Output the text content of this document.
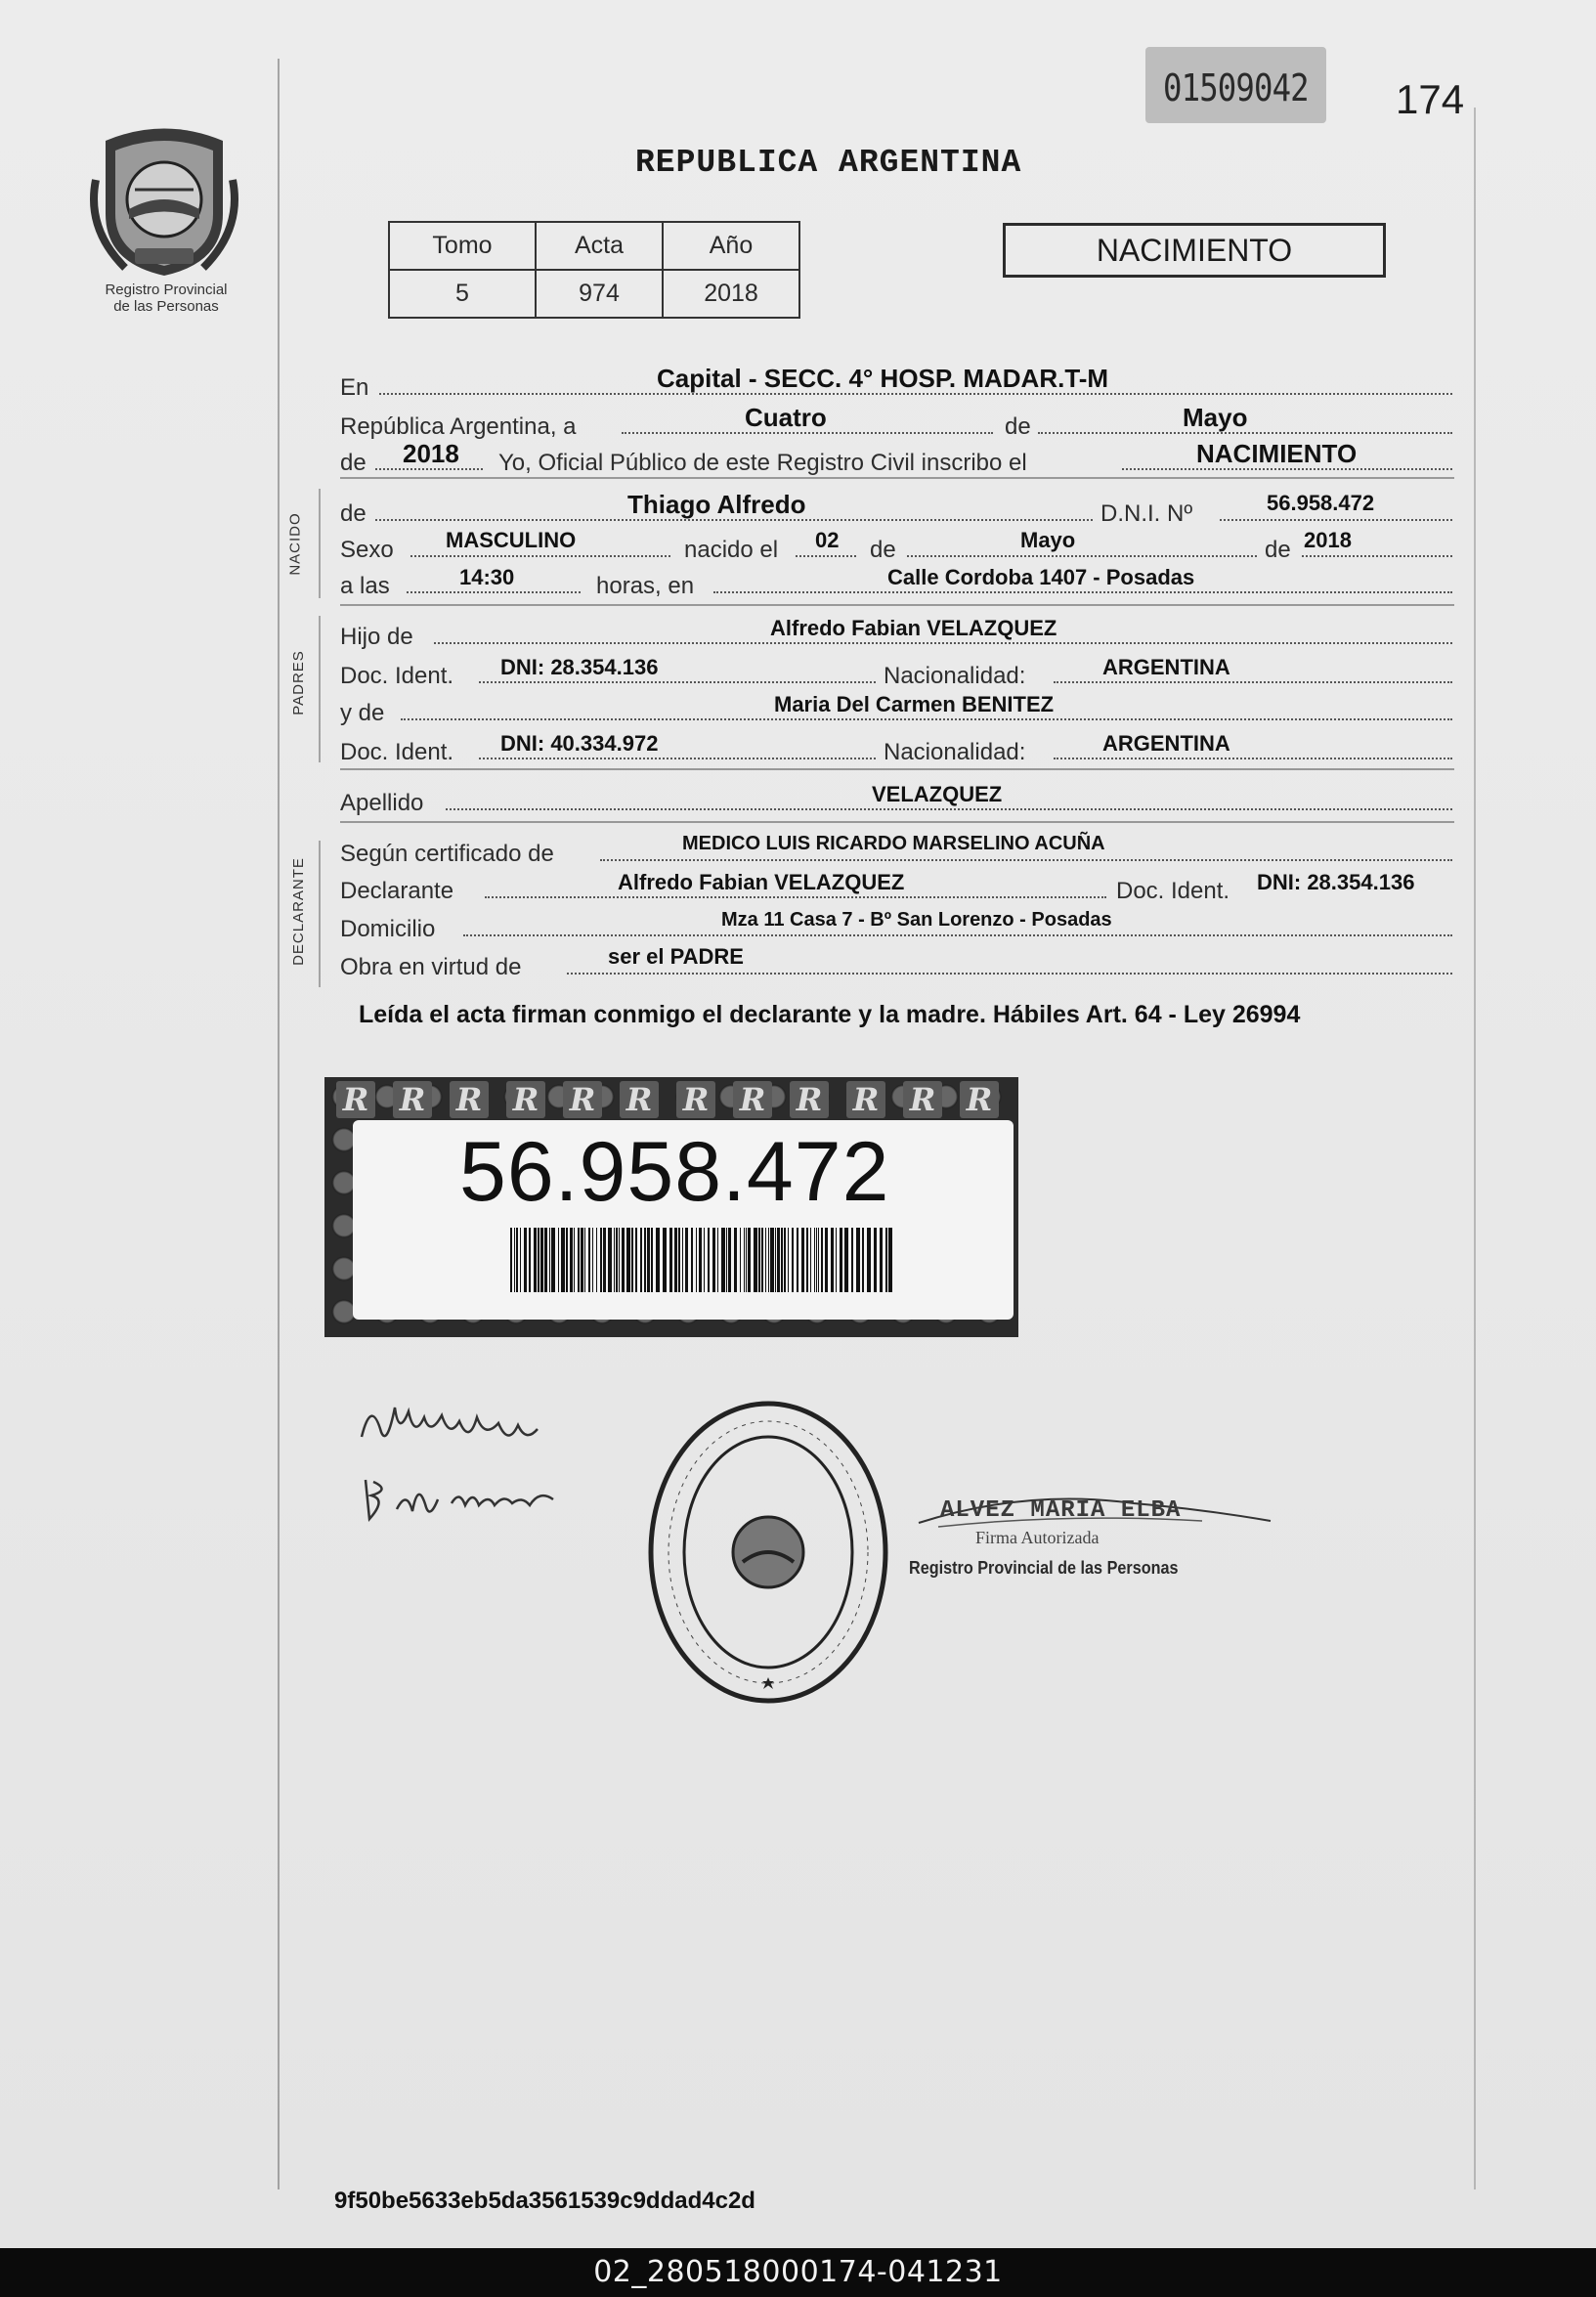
01509042 174
Registro Provincial
de las Personas
REPUBLICA ARGENTINA
Tomo	Acta	Año
5	974	2018
NACIMIENTO
En	Capital - SECC. 4° HOSP. MADAR.T-M
República Argentina, a	Cuatro	de	Mayo
de 2018 Yo, Oficial Público de este Registro Civil inscribo el	NACIMIENTO
NACIDO de	Thiago Alfredo	D.N.I. Nº	56.958.472
Sexo MASCULINO	nacido el 02 de	Mayo	de 2018
a las	14:30	horas, en	Calle Cordoba 1407 - Posadas
PADRES
Hijo de	Alfredo Fabian VELAZQUEZ
Doc. Ident. DNI: 28.354.136	Nacionalidad:	ARGENTINA
y de	Maria Del Carmen BENITEZ
Doc. Ident. DNI: 40.334.972	Nacionalidad:	ARGENTINA
Apellido	VELAZQUEZ
DECLARANTE
Según certificado de	MEDICO LUIS RICARDO MARSELINO ACUÑA
Declarante	Alfredo Fabian VELAZQUEZ	Doc. Ident. DNI: 28.354.136
Domicilio	Mza 11 Casa 7 - Bº San Lorenzo - Posadas
Obra en virtud de	ser el PADRE
Leída el acta firman conmigo el declarante y la madre. Hábiles Art. 64 - Ley 26994
R R R R R R R R R R R R
56.958.472
ALVEZ MARIA ELBA
Firma Autorizada
Registro Provincial de las Personas
9f50be5633eb5da3561539c9ddad4c2d
02_280518000174-041231
